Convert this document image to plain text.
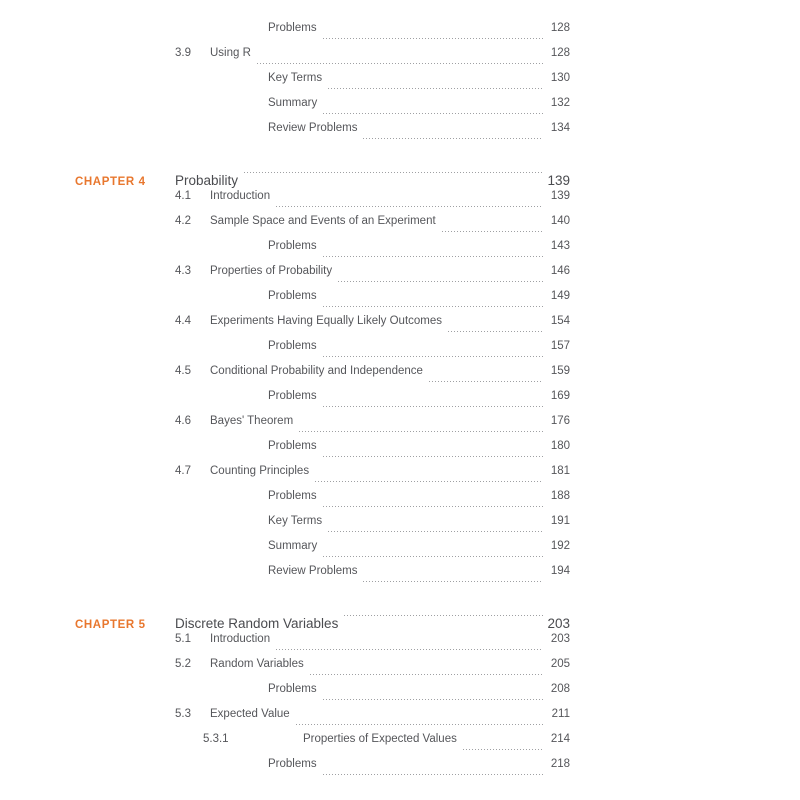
Problems	128
3.9	Using R	128
Key Terms	130
Summary	132
Review Problems	134
CHAPTER 4	Probability	139
4.1	Introduction	139
4.2	Sample Space and Events of an Experiment	140
Problems	143
4.3	Properties of Probability	146
Problems	149
4.4	Experiments Having Equally Likely Outcomes	154
Problems	157
4.5	Conditional Probability and Independence	159
Problems	169
4.6	Bayes' Theorem	176
Problems	180
4.7	Counting Principles	181
Problems	188
Key Terms	191
Summary	192
Review Problems	194
CHAPTER 5	Discrete Random Variables	203
5.1	Introduction	203
5.2	Random Variables	205
Problems	208
5.3	Expected Value	211
5.3.1	Properties of Expected Values	214
Problems	218
